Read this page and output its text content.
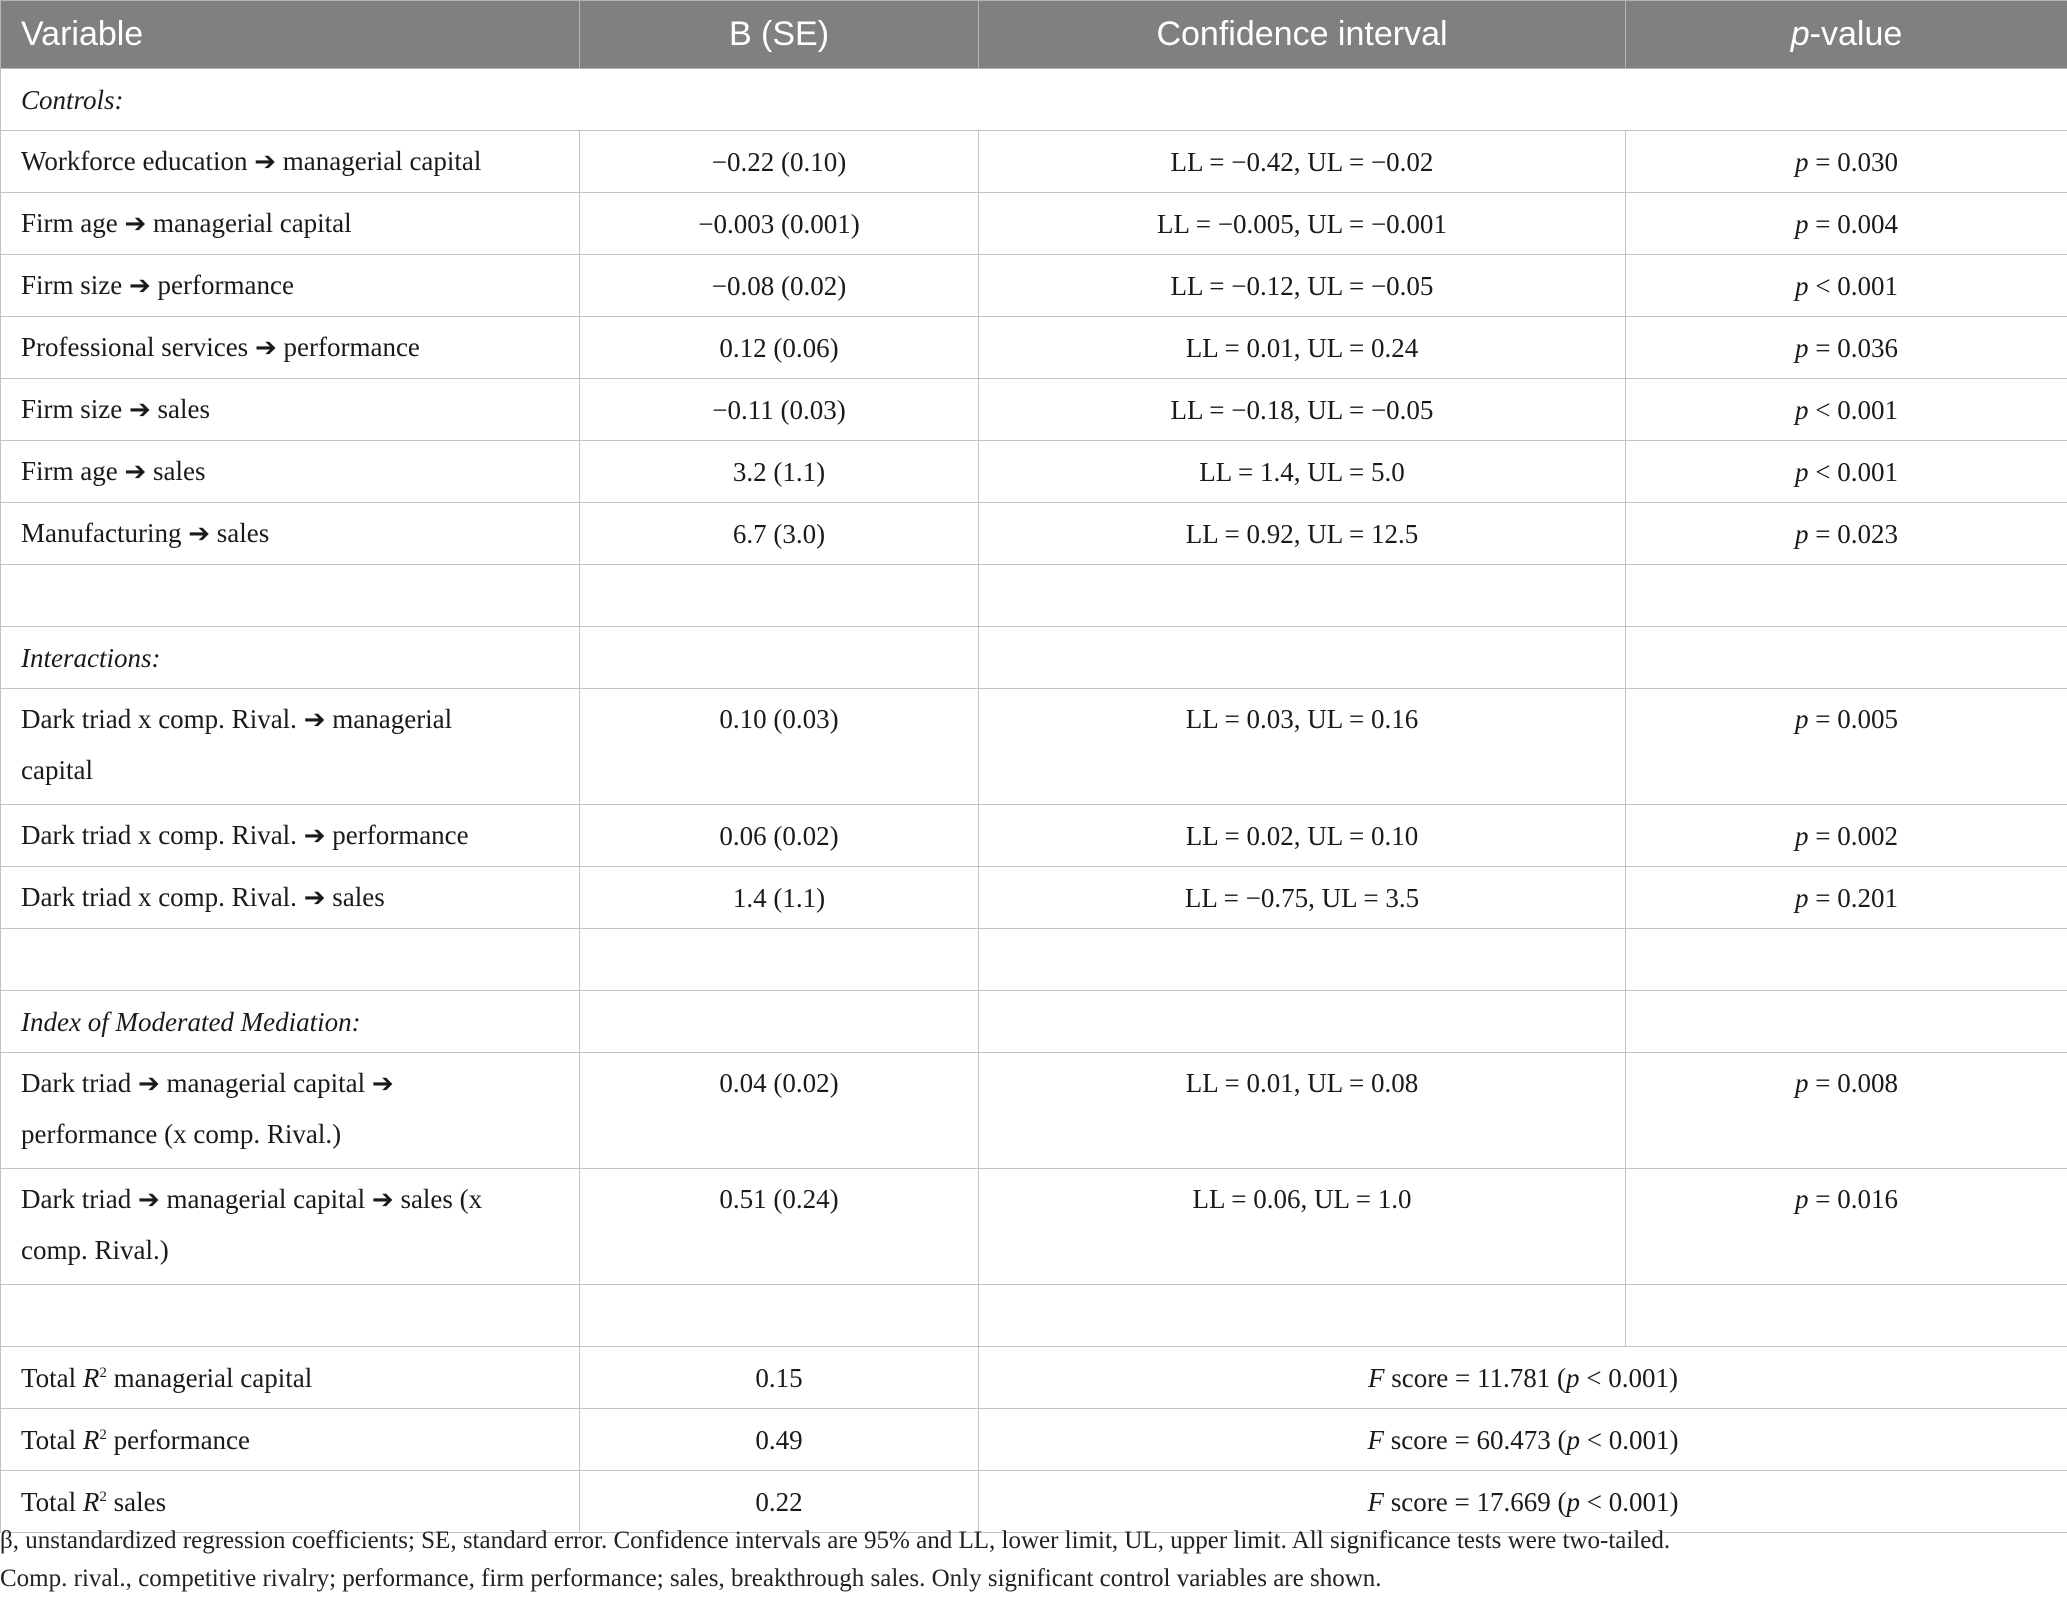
Variable	B (SE)	Confidence interval	p-value
Controls:			
Workforce education ➔ managerial capital	−0.22 (0.10)	LL = −0.42, UL = −0.02	p = 0.030
Firm age ➔ managerial capital	−0.003 (0.001)	LL = −0.005, UL = −0.001	p = 0.004
Firm size ➔ performance	−0.08 (0.02)	LL = −0.12, UL = −0.05	p < 0.001
Professional services ➔ performance	0.12 (0.06)	LL = 0.01, UL = 0.24	p = 0.036
Firm size ➔ sales	−0.11 (0.03)	LL = −0.18, UL = −0.05	p < 0.001
Firm age ➔ sales	3.2 (1.1)	LL = 1.4, UL = 5.0	p < 0.001
Manufacturing ➔ sales	6.7 (3.0)	LL = 0.92, UL = 12.5	p = 0.023

Interactions:			
Dark triad x comp. Rival. ➔ managerial
capital	0.10 (0.03)	LL = 0.03, UL = 0.16	p = 0.005
Dark triad x comp. Rival. ➔ performance	0.06 (0.02)	LL = 0.02, UL = 0.10	p = 0.002
Dark triad x comp. Rival. ➔ sales	1.4 (1.1)	LL = −0.75, UL = 3.5	p = 0.201

Index of Moderated Mediation:			
Dark triad ➔ managerial capital ➔
performance (x comp. Rival.)	0.04 (0.02)	LL = 0.01, UL = 0.08	p = 0.008
Dark triad ➔ managerial capital ➔ sales (x
comp. Rival.)	0.51 (0.24)	LL = 0.06, UL = 1.0	p = 0.016

Total $R^2$ managerial capital	0.15	F score = 11.781 (p < 0.001)	
Total $R^2$ performance	0.49	F score = 60.473 (p < 0.001)	
Total $R^2$ sales	0.22	F score = 17.669 (p < 0.001)	
β, unstandardized regression coefficients; SE, standard error. Confidence intervals are 95% and LL, lower limit, UL, upper limit. All significance tests were two-tailed.
Comp. rival., competitive rivalry; performance, firm performance; sales, breakthrough sales. Only significant control variables are shown.
